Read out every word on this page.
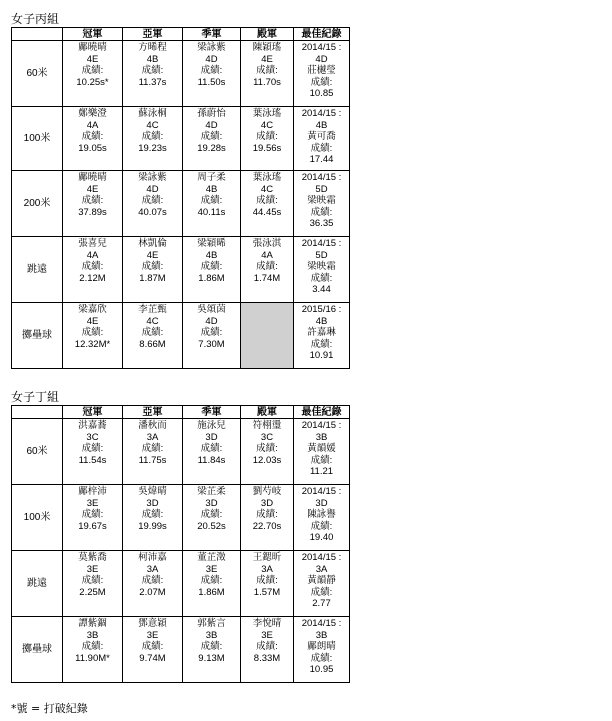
女子丙組
	冠軍	亞軍	季軍	殿軍	最佳紀錄
60米	鄺曉晴
4E
成績:
10.25s*	方晞程
4B
成績:
11.37s	梁詠紫
4D
成績:
11.50s	陳穎瑤
4E
成績:
11.70s	2014/15 :
4D
莊樾瑩
成績:
10.85

100米	鄭樂澄
4A
成績:
19.05s	蘇泳桐
4C
成績:
19.23s	孫蔚怡
4D
成績:
19.28s	葉泳瑤
4C
成績:
19.56s	2014/15 :
4B
黃可喬
成績:
17.44

200米	鄺曉晴
4E
成績:
37.89s	梁詠紫
4D
成績:
40.07s	周子柔
4B
成績:
40.11s	葉泳瑤
4C
成績:
44.45s	2014/15 :
5D
梁映霜
成績:
36.35

跳遠	張喜兒
4A
成績:
2.12M	林凱倫
4E
成績:
1.87M	梁穎晞
4B
成績:
1.86M	張泳淇
4A
成績:
1.74M	2014/15 :
5D
梁映霜
成績:
3.44

擲壘球	梁嘉欣
4E
成績:
12.32M*	李芷甄
4C
成績:
8.66M	吳頌茵
4D
成績:
7.30M		2015/16 :
4B
許嘉琳
成績:
10.91
女子丁組
	冠軍	亞軍	季軍	殿軍	最佳紀錄
60米	洪嘉蕎
3C
成績:
11.54s	潘秋而
3A
成績:
11.75s	施泳兒
3D
成績:
11.84s	符栩璗
3C
成績:
12.03s	2014/15 :
3B
黃韻媛
成績:
11.21

100米	鄺梓沛
3E
成績:
19.67s	吳煒晴
3D
成績:
19.99s	梁芷柔
3D
成績:
20.52s	劉芍岐
3D
成績:
22.70s	2014/15 :
3D
陳詠譽
成績:
19.40

跳遠	莫紫喬
3E
成績:
2.25M	柯沛嘉
3A
成績:
2.07M	董芷澂
3E
成績:
1.86M	王鍶昕
3A
成績:
1.57M	2014/15 :
3A
黃韻靜
成績:
2.77

擲壘球	譚紫錮
3B
成績:
11.90M*	鄧意穎
3E
成績:
9.74M	郭紫言
3B
成績:
9.13M	李悅晴
3E
成績:
8.33M	2014/15 :
3B
鄺朗晴
成績:
10.95
*號 = 打破紀錄
